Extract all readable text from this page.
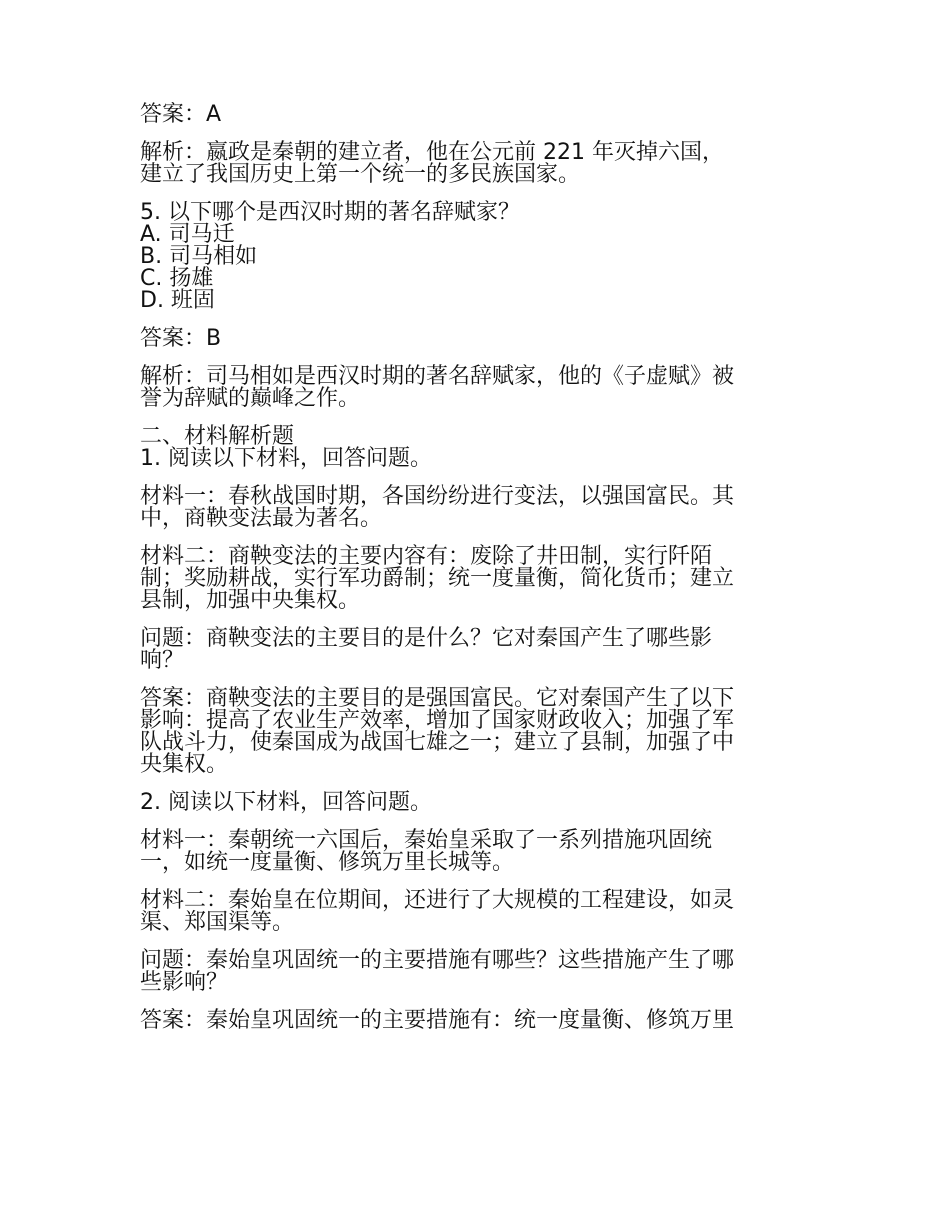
答案：A
解析：嬴政是秦朝的建立者，他在公元前 221 年灭掉六国，
建立了我国历史上第一个统一的多民族国家。
5. 以下哪个是西汉时期的著名辞赋家？
A. 司马迁
B. 司马相如
C. 扬雄
D. 班固
答案：B
解析：司马相如是西汉时期的著名辞赋家，他的《子虚赋》被
誉为辞赋的巅峰之作。
二、材料解析题
1. 阅读以下材料，回答问题。
材料一：春秋战国时期，各国纷纷进行变法，以强国富民。其
中，商鞅变法最为著名。
材料二：商鞅变法的主要内容有：废除了井田制，实行阡陌
制；奖励耕战，实行军功爵制；统一度量衡，简化货币；建立
县制，加强中央集权。
问题：商鞅变法的主要目的是什么？它对秦国产生了哪些影
响？
答案：商鞅变法的主要目的是强国富民。它对秦国产生了以下
影响：提高了农业生产效率，增加了国家财政收入；加强了军
队战斗力，使秦国成为战国七雄之一；建立了县制，加强了中
央集权。
2. 阅读以下材料，回答问题。
材料一：秦朝统一六国后，秦始皇采取了一系列措施巩固统
一，如统一度量衡、修筑万里长城等。
材料二：秦始皇在位期间，还进行了大规模的工程建设，如灵
渠、郑国渠等。
问题：秦始皇巩固统一的主要措施有哪些？这些措施产生了哪
些影响？
答案：秦始皇巩固统一的主要措施有：统一度量衡、修筑万里
